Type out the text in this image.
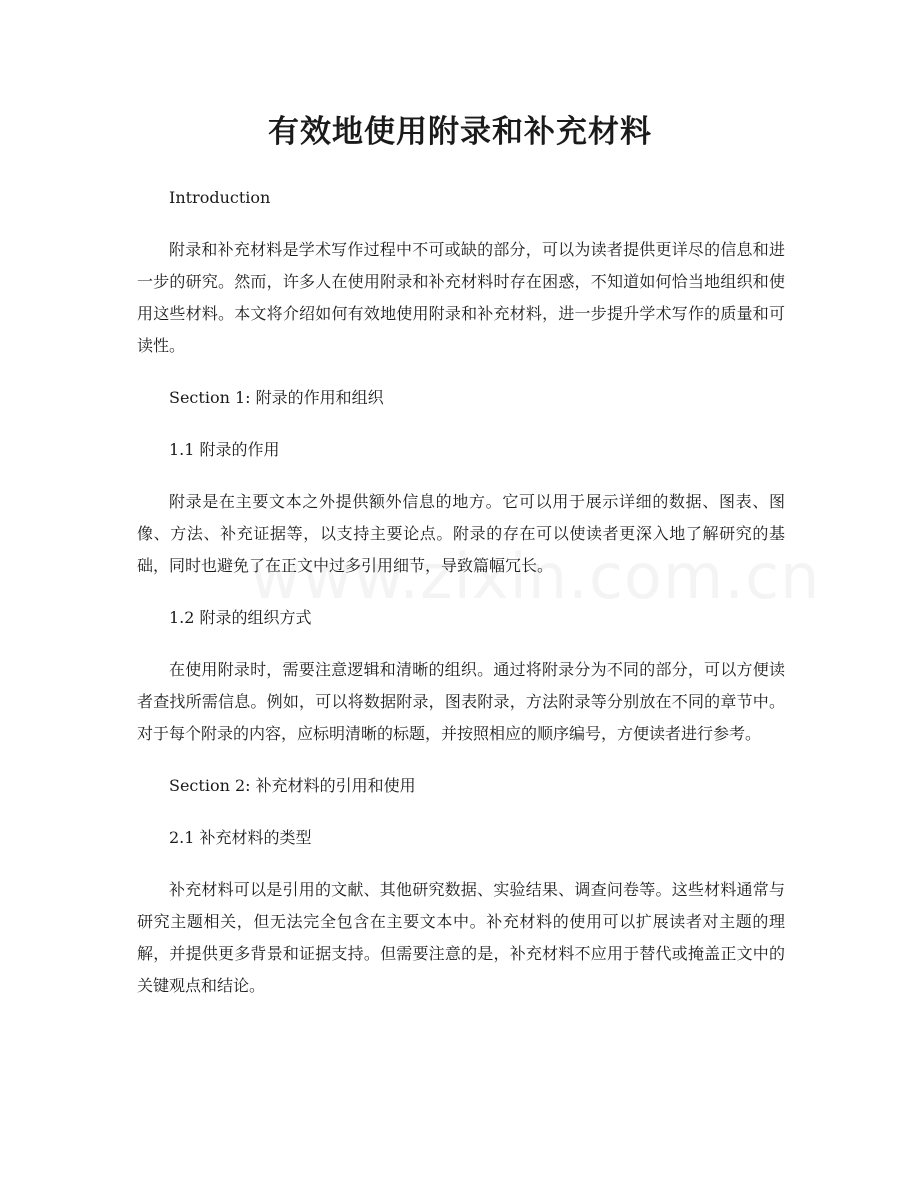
有效地使用附录和补充材料

Introduction

附录和补充材料是学术写作过程中不可或缺的部分，可以为读者提供更详尽的信息和进一步的研究。然而，许多人在使用附录和补充材料时存在困惑，不知道如何恰当地组织和使用这些材料。本文将介绍如何有效地使用附录和补充材料，进一步提升学术写作的质量和可读性。

Section 1: 附录的作用和组织

1.1 附录的作用

附录是在主要文本之外提供额外信息的地方。它可以用于展示详细的数据、图表、图像、方法、补充证据等，以支持主要论点。附录的存在可以使读者更深入地了解研究的基础，同时也避免了在正文中过多引用细节，导致篇幅冗长。

1.2 附录的组织方式

在使用附录时，需要注意逻辑和清晰的组织。通过将附录分为不同的部分，可以方便读者查找所需信息。例如，可以将数据附录，图表附录，方法附录等分别放在不同的章节中。对于每个附录的内容，应标明清晰的标题，并按照相应的顺序编号，方便读者进行参考。

Section 2: 补充材料的引用和使用

2.1 补充材料的类型

补充材料可以是引用的文献、其他研究数据、实验结果、调查问卷等。这些材料通常与研究主题相关，但无法完全包含在主要文本中。补充材料的使用可以扩展读者对主题的理解，并提供更多背景和证据支持。但需要注意的是，补充材料不应用于替代或掩盖正文中的关键观点和结论。
